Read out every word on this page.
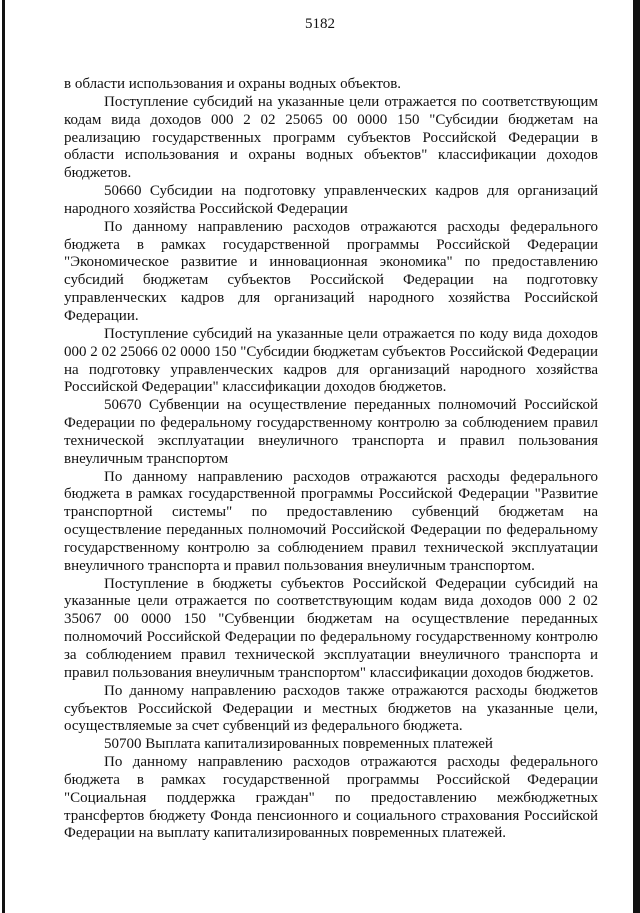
5182

в области использования и охраны водных объектов.

Поступление субсидий на указанные цели отражается по соответствующим кодам вида доходов 000 2 02 25065 00 0000 150 "Субсидии бюджетам на реализацию государственных программ субъектов Российской Федерации в области использования и охраны водных объектов" классификации доходов бюджетов.

50660 Субсидии на подготовку управленческих кадров для организаций народного хозяйства Российской Федерации

По данному направлению расходов отражаются расходы федерального бюджета в рамках государственной программы Российской Федерации "Экономическое развитие и инновационная экономика" по предоставлению субсидий бюджетам субъектов Российской Федерации на подготовку управленческих кадров для организаций народного хозяйства Российской Федерации.

Поступление субсидий на указанные цели отражается по коду вида доходов 000 2 02 25066 02 0000 150 "Субсидии бюджетам субъектов Российской Федерации на подготовку управленческих кадров для организаций народного хозяйства Российской Федерации" классификации доходов бюджетов.

50670 Субвенции на осуществление переданных полномочий Российской Федерации по федеральному государственному контролю за соблюдением правил технической эксплуатации внеуличного транспорта и правил пользования внеуличным транспортом

По данному направлению расходов отражаются расходы федерального бюджета в рамках государственной программы Российской Федерации "Развитие транспортной системы" по предоставлению субвенций бюджетам на осуществление переданных полномочий Российской Федерации по федеральному государственному контролю за соблюдением правил технической эксплуатации внеуличного транспорта и правил пользования внеуличным транспортом.

Поступление в бюджеты субъектов Российской Федерации субсидий на указанные цели отражается по соответствующим кодам вида доходов 000 2 02 35067 00 0000 150 "Субвенции бюджетам на осуществление переданных полномочий Российской Федерации по федеральному государственному контролю за соблюдением правил технической эксплуатации внеуличного транспорта и правил пользования внеуличным транспортом" классификации доходов бюджетов.

По данному направлению расходов также отражаются расходы бюджетов субъектов Российской Федерации и местных бюджетов на указанные цели, осуществляемые за счет субвенций из федерального бюджета.

50700 Выплата капитализированных повременных платежей

По данному направлению расходов отражаются расходы федерального бюджета в рамках государственной программы Российской Федерации "Социальная поддержка граждан" по предоставлению межбюджетных трансфертов бюджету Фонда пенсионного и социального страхования Российской Федерации на выплату капитализированных повременных платежей.
